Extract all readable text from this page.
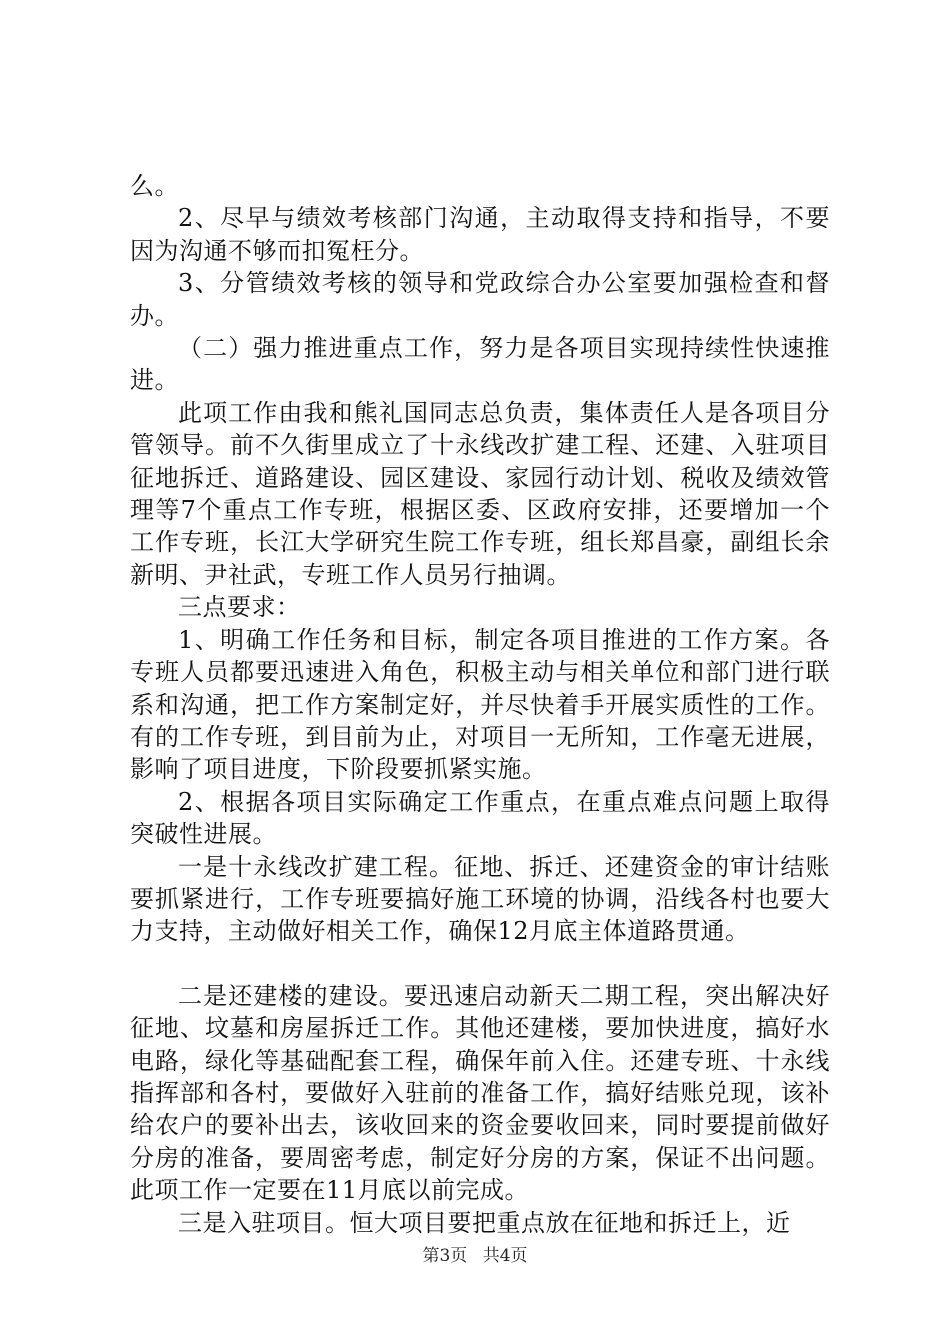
么。

2、尽早与绩效考核部门沟通，主动取得支持和指导，不要因为沟通不够而扣冤枉分。

3、分管绩效考核的领导和党政综合办公室要加强检查和督办。

（二）强力推进重点工作，努力是各项目实现持续性快速推进。

此项工作由我和熊礼国同志总负责，集体责任人是各项目分管领导。前不久街里成立了十永线改扩建工程、还建、入驻项目征地拆迁、道路建设、园区建设、家园行动计划、税收及绩效管理等7个重点工作专班，根据区委、区政府安排，还要增加一个工作专班，长江大学研究生院工作专班，组长郑昌豪，副组长余新明、尹社武，专班工作人员另行抽调。

三点要求：

1、明确工作任务和目标，制定各项目推进的工作方案。各专班人员都要迅速进入角色，积极主动与相关单位和部门进行联系和沟通，把工作方案制定好，并尽快着手开展实质性的工作。有的工作专班，到目前为止，对项目一无所知，工作毫无进展，影响了项目进度，下阶段要抓紧实施。

2、根据各项目实际确定工作重点，在重点难点问题上取得突破性进展。

一是十永线改扩建工程。征地、拆迁、还建资金的审计结账要抓紧进行，工作专班要搞好施工环境的协调，沿线各村也要大力支持，主动做好相关工作，确保12月底主体道路贯通。

二是还建楼的建设。要迅速启动新天二期工程，突出解决好征地、坟墓和房屋拆迁工作。其他还建楼，要加快进度，搞好水电路，绿化等基础配套工程，确保年前入住。还建专班、十永线指挥部和各村，要做好入驻前的准备工作，搞好结账兑现，该补给农户的要补出去，该收回来的资金要收回来，同时要提前做好分房的准备，要周密考虑，制定好分房的方案，保证不出问题。此项工作一定要在11月底以前完成。

三是入驻项目。恒大项目要把重点放在征地和拆迁上，近

第3页 共4页
